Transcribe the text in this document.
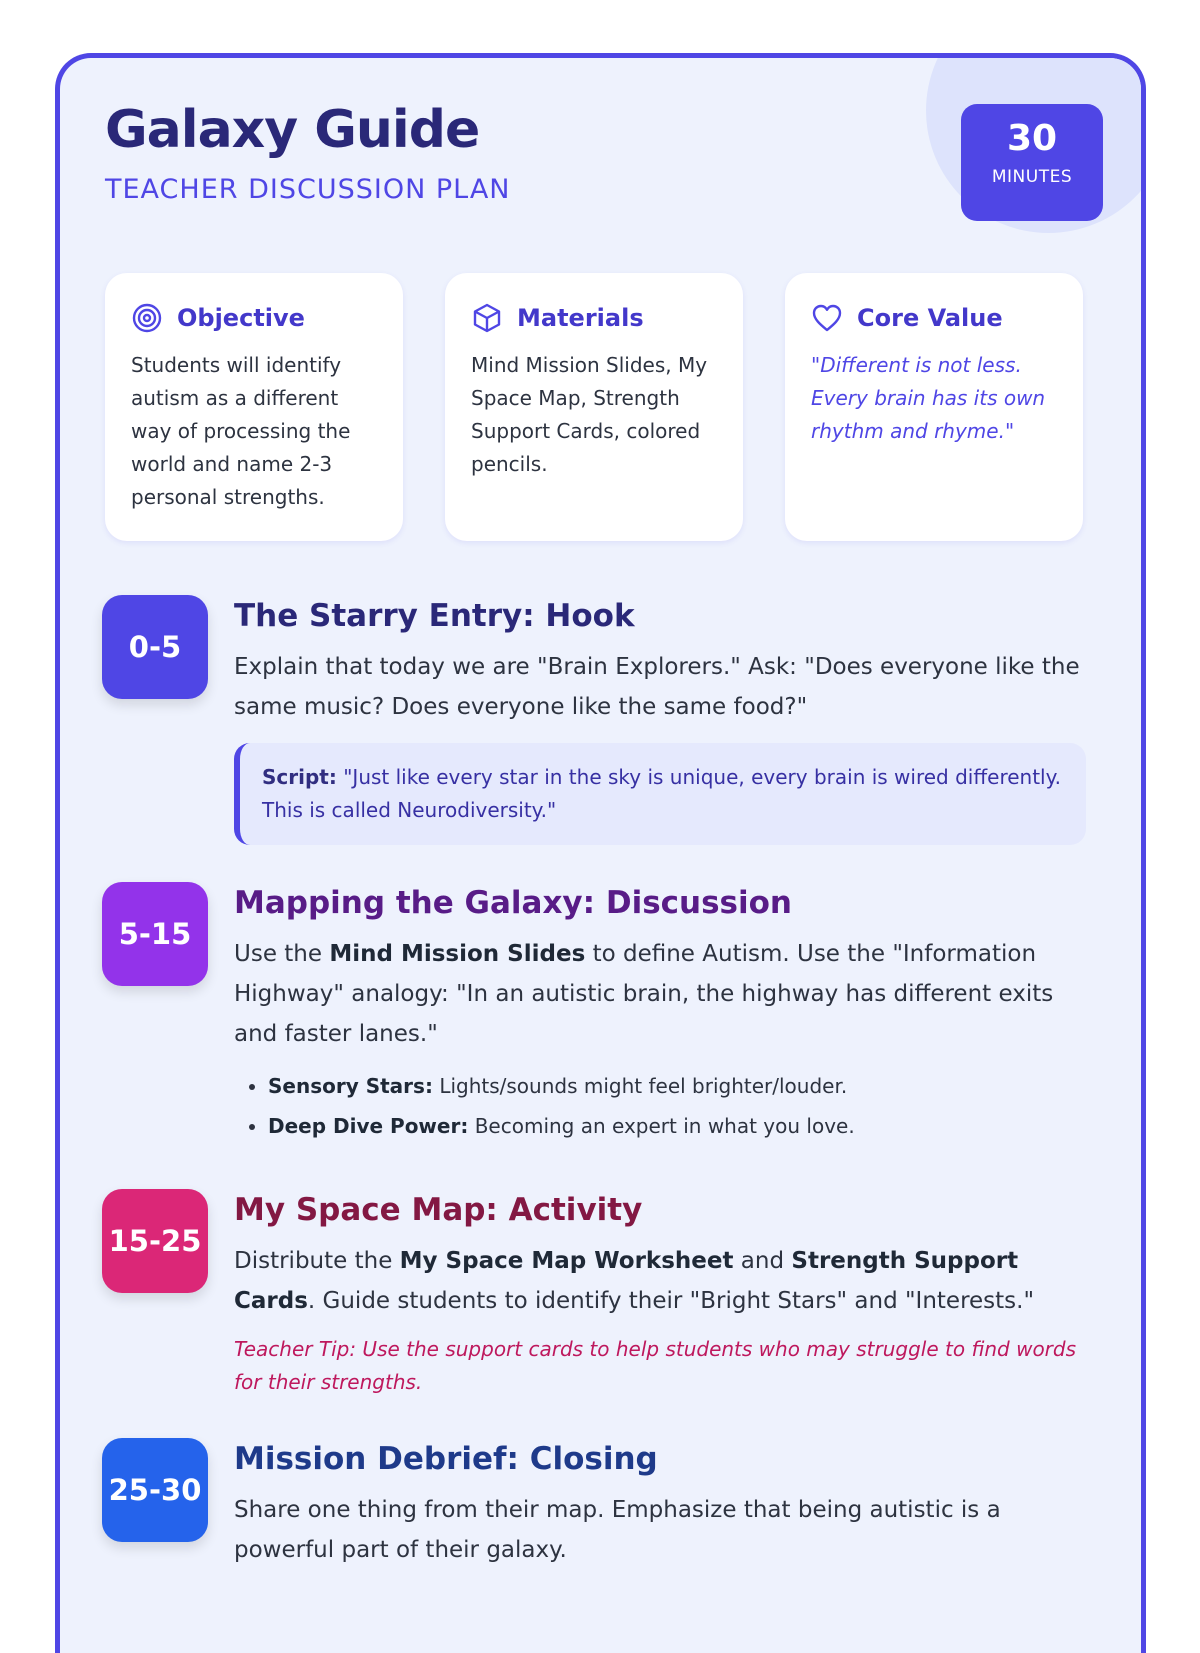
Galaxy Guide
TEACHER DISCUSSION PLAN
30
MINUTES
Objective

Students will identify autism as a different way of processing the world and name 2-3 personal strengths.

Materials

Mind Mission Slides, My Space Map, Strength Support Cards, colored pencils.

Core Value

"Different is not less. Every brain has its own rhythm and rhyme."

0-5
The Starry Entry: Hook

Explain that today we are "Brain Explorers." Ask: "Does everyone like the same music? Does everyone like the same food?"

Script: "Just like every star in the sky is unique, every brain is wired differently. This is called Neurodiversity."
5-15
Mapping the Galaxy: Discussion

Use the Mind Mission Slides to define Autism. Use the "Information Highway" analogy: "In an autistic brain, the highway has different exits and faster lanes."

• Sensory Stars: Lights/sounds might feel brighter/louder.
• Deep Dive Power: Becoming an expert in what you love.
15-25
My Space Map: Activity

Distribute the My Space Map Worksheet and Strength Support Cards. Guide students to identify their "Bright Stars" and "Interests."

Teacher Tip: Use the support cards to help students who may struggle to find words for their strengths.

25-30
Mission Debrief: Closing

Share one thing from their map. Emphasize that being autistic is a powerful part of their galaxy.
